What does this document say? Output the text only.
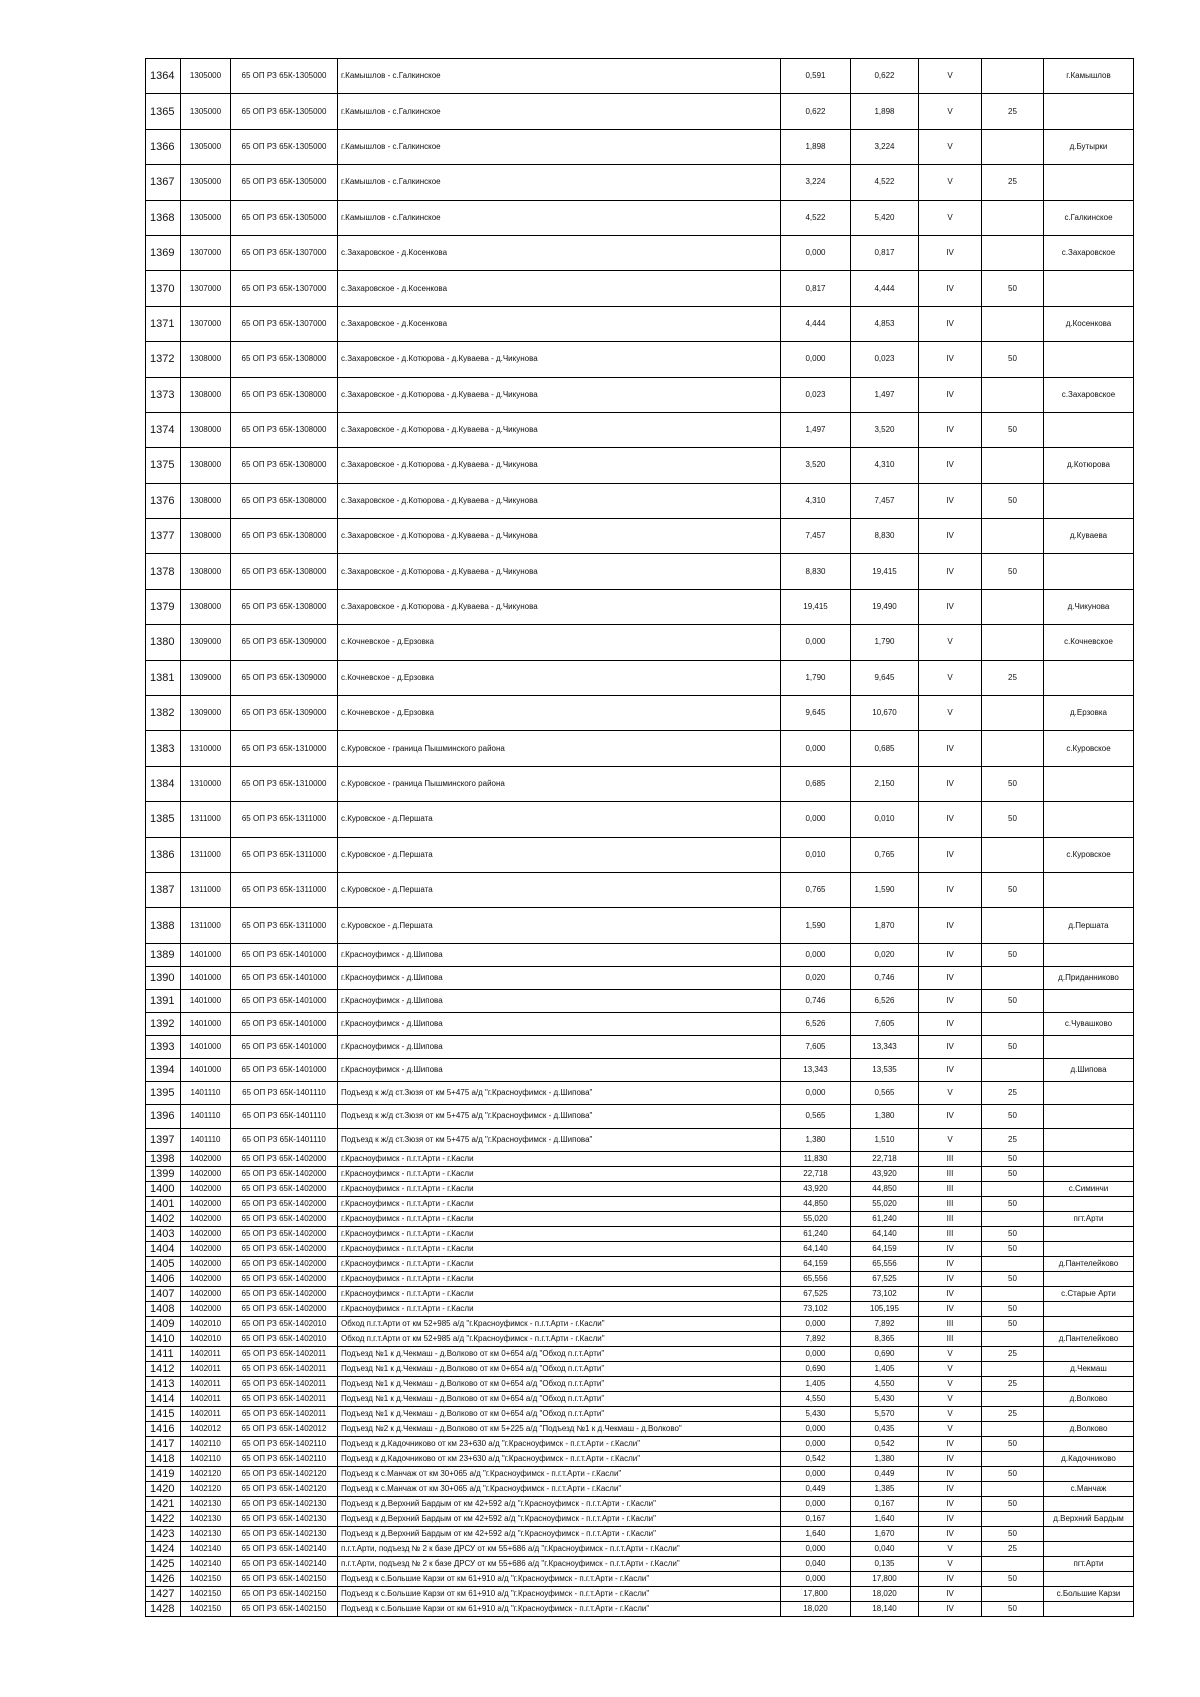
1364	1305000	65 ОП РЗ 65К-1305000	г.Камышлов - с.Галкинское	0,591	0,622	V		г.Камышлов
1365	1305000	65 ОП РЗ 65К-1305000	г.Камышлов - с.Галкинское	0,622	1,898	V	25	
1366	1305000	65 ОП РЗ 65К-1305000	г.Камышлов - с.Галкинское	1,898	3,224	V		д.Бутырки
1367	1305000	65 ОП РЗ 65К-1305000	г.Камышлов - с.Галкинское	3,224	4,522	V	25	
1368	1305000	65 ОП РЗ 65К-1305000	г.Камышлов - с.Галкинское	4,522	5,420	V		с.Галкинское
1369	1307000	65 ОП РЗ 65К-1307000	с.Захаровское - д.Косенкова	0,000	0,817	IV		с.Захаровское
1370	1307000	65 ОП РЗ 65К-1307000	с.Захаровское - д.Косенкова	0,817	4,444	IV	50	
1371	1307000	65 ОП РЗ 65К-1307000	с.Захаровское - д.Косенкова	4,444	4,853	IV		д.Косенкова
1372	1308000	65 ОП РЗ 65К-1308000	с.Захаровское - д.Котюрова - д.Куваева - д.Чикунова	0,000	0,023	IV	50	
1373	1308000	65 ОП РЗ 65К-1308000	с.Захаровское - д.Котюрова - д.Куваева - д.Чикунова	0,023	1,497	IV		с.Захаровское
1374	1308000	65 ОП РЗ 65К-1308000	с.Захаровское - д.Котюрова - д.Куваева - д.Чикунова	1,497	3,520	IV	50	
1375	1308000	65 ОП РЗ 65К-1308000	с.Захаровское - д.Котюрова - д.Куваева - д.Чикунова	3,520	4,310	IV		д.Котюрова
1376	1308000	65 ОП РЗ 65К-1308000	с.Захаровское - д.Котюрова - д.Куваева - д.Чикунова	4,310	7,457	IV	50	
1377	1308000	65 ОП РЗ 65К-1308000	с.Захаровское - д.Котюрова - д.Куваева - д.Чикунова	7,457	8,830	IV		д.Куваева
1378	1308000	65 ОП РЗ 65К-1308000	с.Захаровское - д.Котюрова - д.Куваева - д.Чикунова	8,830	19,415	IV	50	
1379	1308000	65 ОП РЗ 65К-1308000	с.Захаровское - д.Котюрова - д.Куваева - д.Чикунова	19,415	19,490	IV		д.Чикунова
1380	1309000	65 ОП РЗ 65К-1309000	с.Кочневское - д.Ерзовка	0,000	1,790	V		с.Кочневское
1381	1309000	65 ОП РЗ 65К-1309000	с.Кочневское - д.Ерзовка	1,790	9,645	V	25	
1382	1309000	65 ОП РЗ 65К-1309000	с.Кочневское - д.Ерзовка	9,645	10,670	V		д.Ерзовка
1383	1310000	65 ОП РЗ 65К-1310000	с.Куровское - граница Пышминского района	0,000	0,685	IV		с.Куровское
1384	1310000	65 ОП РЗ 65К-1310000	с.Куровское - граница Пышминского района	0,685	2,150	IV	50	
1385	1311000	65 ОП РЗ 65К-1311000	с.Куровское - д.Першата	0,000	0,010	IV	50	
1386	1311000	65 ОП РЗ 65К-1311000	с.Куровское - д.Першата	0,010	0,765	IV		с.Куровское
1387	1311000	65 ОП РЗ 65К-1311000	с.Куровское - д.Першата	0,765	1,590	IV	50	
1388	1311000	65 ОП РЗ 65К-1311000	с.Куровское - д.Першата	1,590	1,870	IV		д.Першата
1389	1401000	65 ОП РЗ 65К-1401000	г.Красноуфимск - д.Шипова	0,000	0,020	IV	50	
1390	1401000	65 ОП РЗ 65К-1401000	г.Красноуфимск - д.Шипова	0,020	0,746	IV		д.Приданниково
1391	1401000	65 ОП РЗ 65К-1401000	г.Красноуфимск - д.Шипова	0,746	6,526	IV	50	
1392	1401000	65 ОП РЗ 65К-1401000	г.Красноуфимск - д.Шипова	6,526	7,605	IV		с.Чувашково
1393	1401000	65 ОП РЗ 65К-1401000	г.Красноуфимск - д.Шипова	7,605	13,343	IV	50	
1394	1401000	65 ОП РЗ 65К-1401000	г.Красноуфимск - д.Шипова	13,343	13,535	IV		д.Шипова
1395	1401110	65 ОП РЗ 65К-1401110	Подъезд к ж/д ст.Зюзя от км 5+475 а/д "г.Красноуфимск - д.Шипова"	0,000	0,565	V	25	
1396	1401110	65 ОП РЗ 65К-1401110	Подъезд к ж/д ст.Зюзя от км 5+475 а/д "г.Красноуфимск - д.Шипова"	0,565	1,380	IV	50	
1397	1401110	65 ОП РЗ 65К-1401110	Подъезд к ж/д ст.Зюзя от км 5+475 а/д "г.Красноуфимск - д.Шипова"	1,380	1,510	V	25	
1398	1402000	65 ОП РЗ 65К-1402000	г.Красноуфимск - п.г.т.Арти - г.Касли	11,830	22,718	III	50	
1399	1402000	65 ОП РЗ 65К-1402000	г.Красноуфимск - п.г.т.Арти - г.Касли	22,718	43,920	III	50	
1400	1402000	65 ОП РЗ 65К-1402000	г.Красноуфимск - п.г.т.Арти - г.Касли	43,920	44,850	III		с.Симинчи
1401	1402000	65 ОП РЗ 65К-1402000	г.Красноуфимск - п.г.т.Арти - г.Касли	44,850	55,020	III	50	
1402	1402000	65 ОП РЗ 65К-1402000	г.Красноуфимск - п.г.т.Арти - г.Касли	55,020	61,240	III		пгт.Арти
1403	1402000	65 ОП РЗ 65К-1402000	г.Красноуфимск - п.г.т.Арти - г.Касли	61,240	64,140	III	50	
1404	1402000	65 ОП РЗ 65К-1402000	г.Красноуфимск - п.г.т.Арти - г.Касли	64,140	64,159	IV	50	
1405	1402000	65 ОП РЗ 65К-1402000	г.Красноуфимск - п.г.т.Арти - г.Касли	64,159	65,556	IV		д.Пантелейково
1406	1402000	65 ОП РЗ 65К-1402000	г.Красноуфимск - п.г.т.Арти - г.Касли	65,556	67,525	IV	50	
1407	1402000	65 ОП РЗ 65К-1402000	г.Красноуфимск - п.г.т.Арти - г.Касли	67,525	73,102	IV		с.Старые Арти
1408	1402000	65 ОП РЗ 65К-1402000	г.Красноуфимск - п.г.т.Арти - г.Касли	73,102	105,195	IV	50	
1409	1402010	65 ОП РЗ 65К-1402010	Обход п.г.т.Арти от км 52+985 а/д "г.Красноуфимск - п.г.т.Арти - г.Касли"	0,000	7,892	III	50	
1410	1402010	65 ОП РЗ 65К-1402010	Обход п.г.т.Арти от км 52+985 а/д "г.Красноуфимск - п.г.т.Арти - г.Касли"	7,892	8,365	III		д.Пантелейково
1411	1402011	65 ОП РЗ 65К-1402011	Подъезд №1 к д.Чекмаш - д.Волково от км 0+654 а/д "Обход п.г.т.Арти"	0,000	0,690	V	25	
1412	1402011	65 ОП РЗ 65К-1402011	Подъезд №1 к д.Чекмаш - д.Волково от км 0+654 а/д "Обход п.г.т.Арти"	0,690	1,405	V		д.Чекмаш
1413	1402011	65 ОП РЗ 65К-1402011	Подъезд №1 к д.Чекмаш - д.Волково от км 0+654 а/д "Обход п.г.т.Арти"	1,405	4,550	V	25	
1414	1402011	65 ОП РЗ 65К-1402011	Подъезд №1 к д.Чекмаш - д.Волково от км 0+654 а/д "Обход п.г.т.Арти"	4,550	5,430	V		д.Волково
1415	1402011	65 ОП РЗ 65К-1402011	Подъезд №1 к д.Чекмаш - д.Волково от км 0+654 а/д "Обход п.г.т.Арти"	5,430	5,570	V	25	
1416	1402012	65 ОП РЗ 65К-1402012	Подъезд №2 к д.Чекмаш - д.Волково от км 5+225 а/д "Подъезд №1 к д.Чекмаш - д.Волково"	0,000	0,435	V		д.Волково
1417	1402110	65 ОП РЗ 65К-1402110	Подъезд к д.Кадочниково от км 23+630 а/д "г.Красноуфимск - п.г.т.Арти - г.Касли"	0,000	0,542	IV	50	
1418	1402110	65 ОП РЗ 65К-1402110	Подъезд к д.Кадочниково от км 23+630 а/д "г.Красноуфимск - п.г.т.Арти - г.Касли"	0,542	1,380	IV		д.Кадочниково
1419	1402120	65 ОП РЗ 65К-1402120	Подъезд к с.Манчаж от км 30+065 а/д "г.Красноуфимск - п.г.т.Арти - г.Касли"	0,000	0,449	IV	50	
1420	1402120	65 ОП РЗ 65К-1402120	Подъезд к с.Манчаж от км 30+065 а/д "г.Красноуфимск - п.г.т.Арти - г.Касли"	0,449	1,385	IV		с.Манчаж
1421	1402130	65 ОП РЗ 65К-1402130	Подъезд к д.Верхний Бардым от км 42+592 а/д "г.Красноуфимск - п.г.т.Арти - г.Касли"	0,000	0,167	IV	50	
1422	1402130	65 ОП РЗ 65К-1402130	Подъезд к д.Верхний Бардым от км 42+592 а/д "г.Красноуфимск - п.г.т.Арти - г.Касли"	0,167	1,640	IV		д.Верхний Бардым
1423	1402130	65 ОП РЗ 65К-1402130	Подъезд к д.Верхний Бардым от км 42+592 а/д "г.Красноуфимск - п.г.т.Арти - г.Касли"	1,640	1,670	IV	50	
1424	1402140	65 ОП РЗ 65К-1402140	п.г.т.Арти, подъезд № 2 к базе ДРСУ от км 55+686 а/д "г.Красноуфимск - п.г.т.Арти - г.Касли"	0,000	0,040	V	25	
1425	1402140	65 ОП РЗ 65К-1402140	п.г.т.Арти, подъезд № 2 к базе ДРСУ от км 55+686 а/д "г.Красноуфимск - п.г.т.Арти - г.Касли"	0,040	0,135	V		пгт.Арти
1426	1402150	65 ОП РЗ 65К-1402150	Подъезд к с.Большие Карзи от км 61+910 а/д "г.Красноуфимск - п.г.т.Арти - г.Касли"	0,000	17,800	IV	50	
1427	1402150	65 ОП РЗ 65К-1402150	Подъезд к с.Большие Карзи от км 61+910 а/д "г.Красноуфимск - п.г.т.Арти - г.Касли"	17,800	18,020	IV		с.Большие Карзи
1428	1402150	65 ОП РЗ 65К-1402150	Подъезд к с.Большие Карзи от км 61+910 а/д "г.Красноуфимск - п.г.т.Арти - г.Касли"	18,020	18,140	IV	50	
